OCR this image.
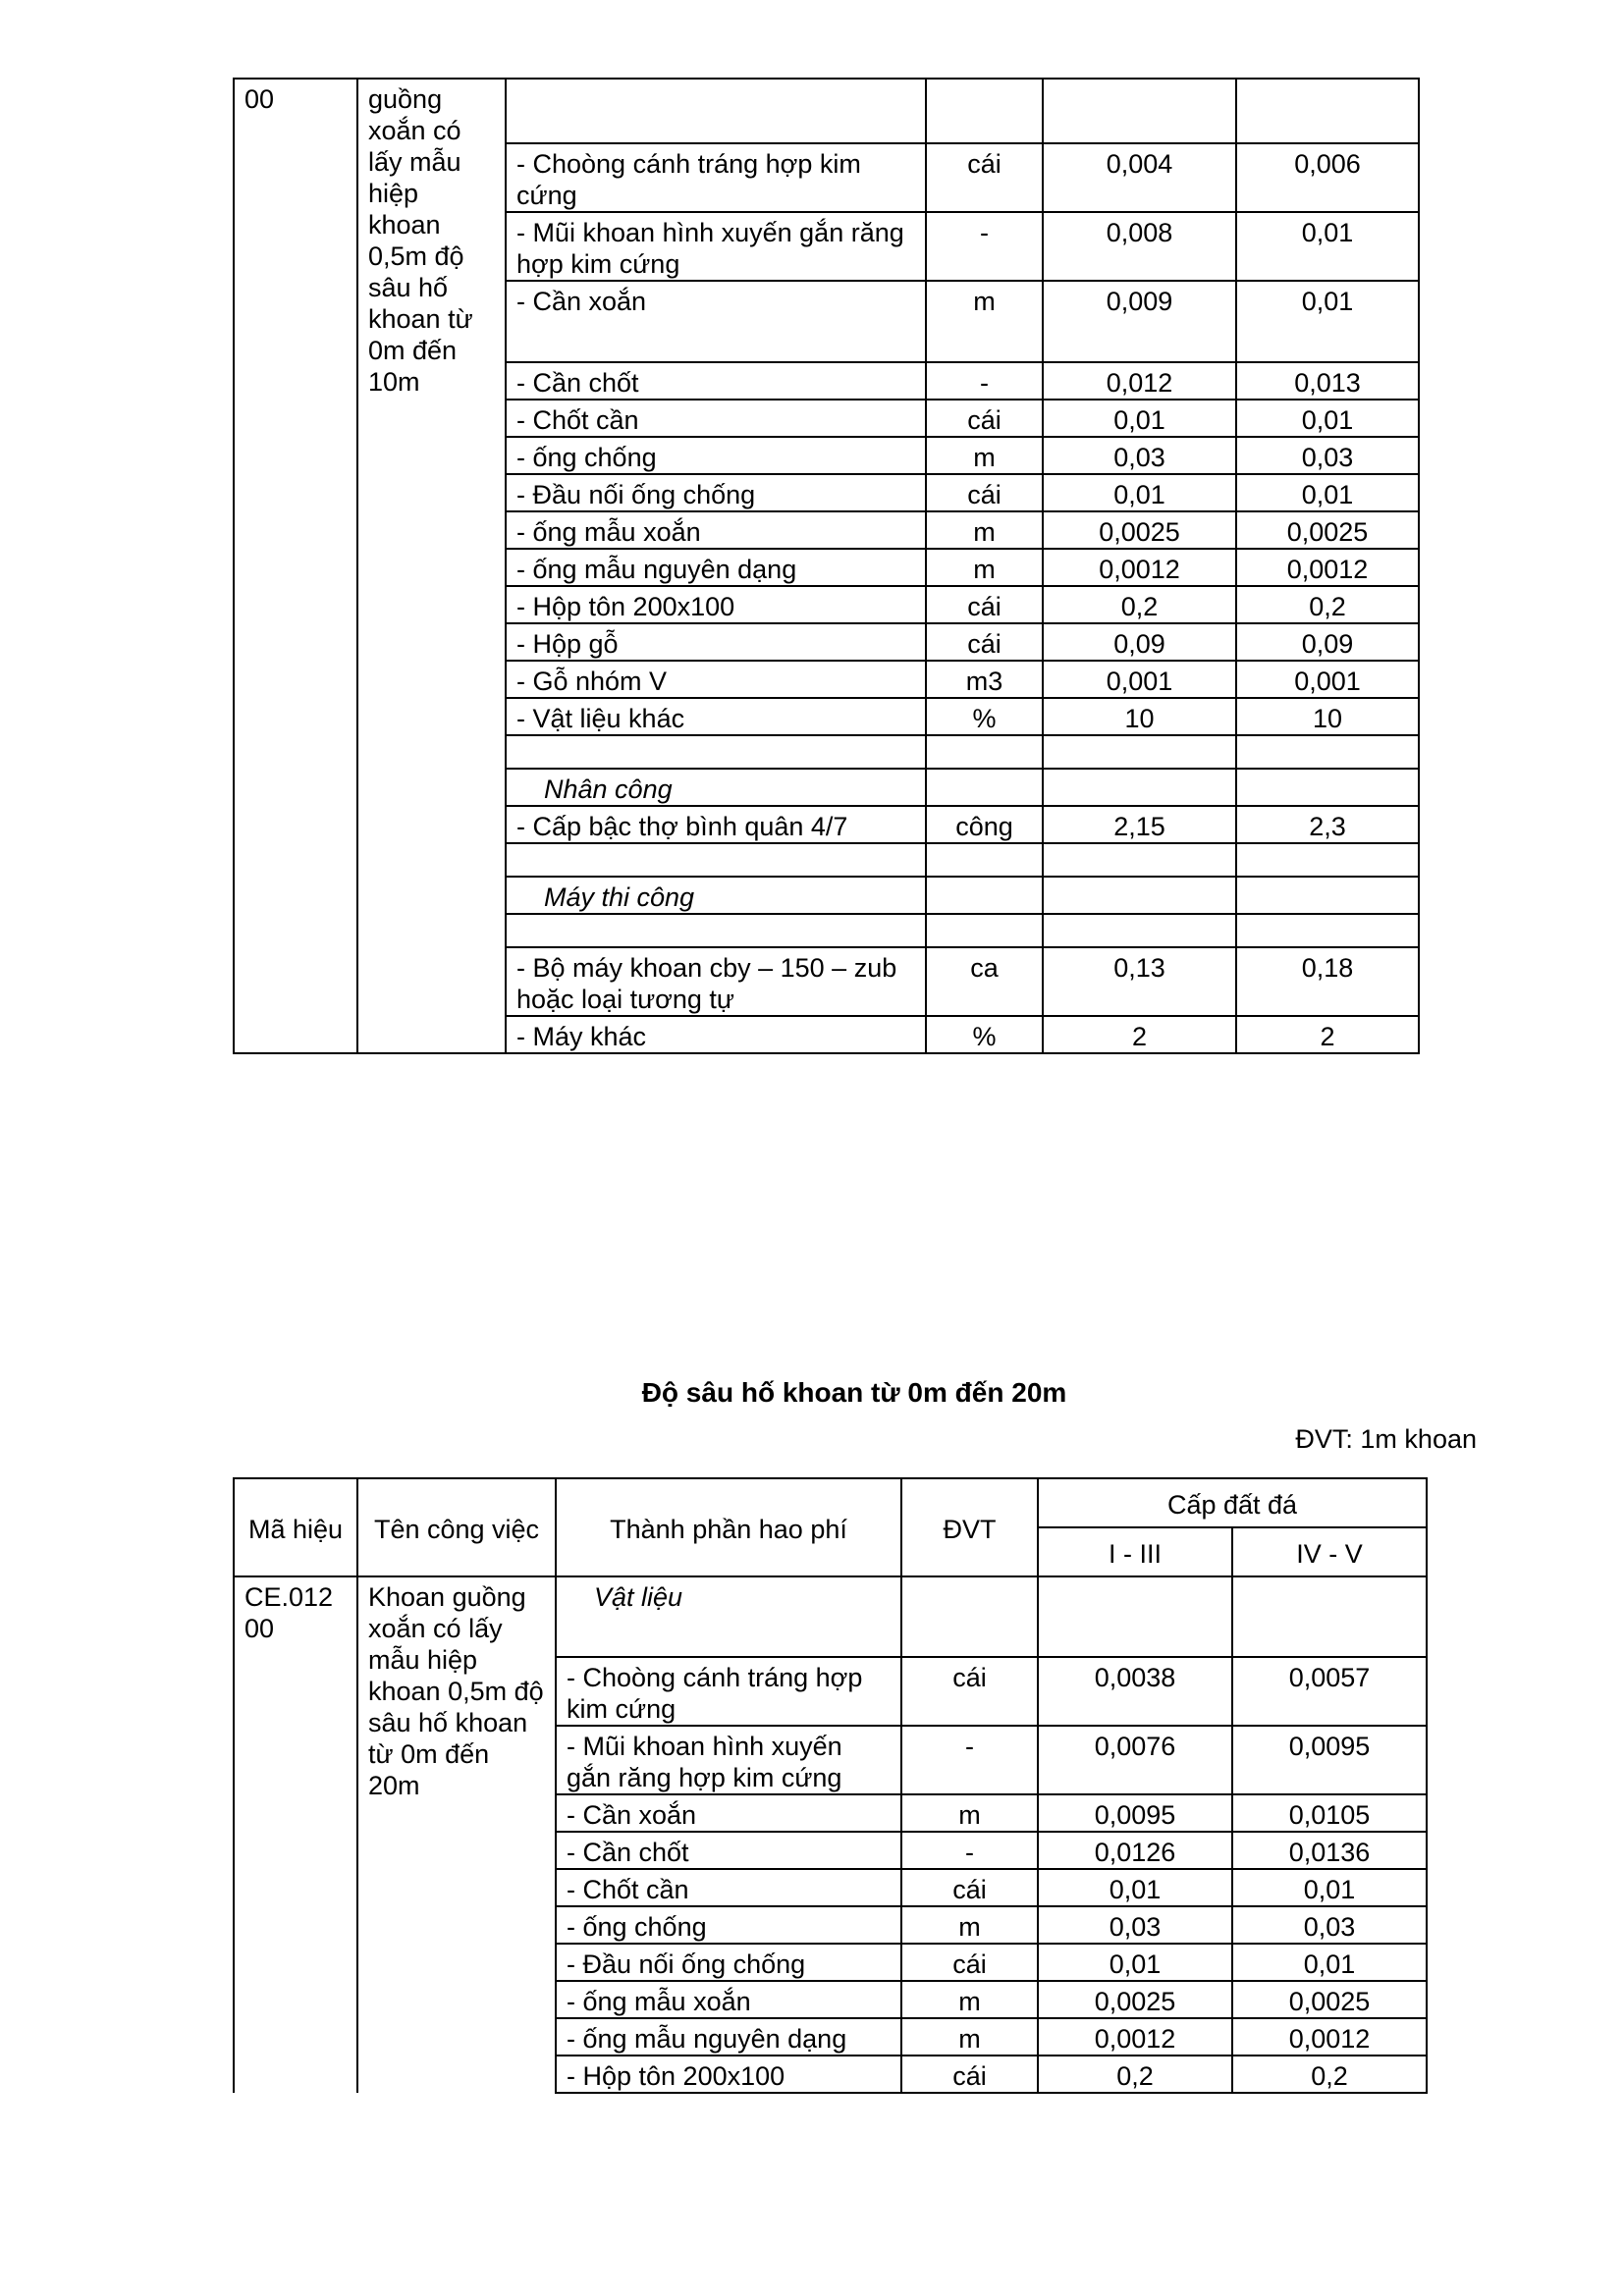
00	guồng xoắn có lấy mẫu hiệp khoan 0,5m độ sâu hố khoan từ 0m đến 10m				
		- Choòng cánh tráng hợp kim cứng	cái	0,004	0,006
		- Mũi khoan hình xuyến gắn răng hợp kim cứng	-	0,008	0,01
		- Cần xoắn	m	0,009	0,01
		- Cần chốt	-	0,012	0,013
		- Chốt cần	cái	0,01	0,01
		- ống chống	m	0,03	0,03
		- Đầu nối ống chống	cái	0,01	0,01
		- ống mẫu xoắn	m	0,0025	0,0025
		- ống mẫu nguyên dạng	m	0,0012	0,0012
		- Hộp tôn 200x100	cái	0,2	0,2
		- Hộp gỗ	cái	0,09	0,09
		- Gỗ nhóm V	m3	0,001	0,001
		- Vật liệu khác	%	10	10

		Nhân công			
		- Cấp bậc thợ bình quân 4/7	công	2,15	2,3

		Máy thi công			

		- Bộ máy khoan cby – 150 – zub hoặc loại tương tự	ca	0,13	0,18
		- Máy khác	%	2	2
Độ sâu hố khoan từ 0m đến 20m
ĐVT: 1m khoan
Mã hiệu	Tên công việc	Thành phần hao phí	ĐVT	Cấp đất đá	
				I - III	IV - V
CE.012 00	Khoan guồng xoắn có lấy mẫu hiệp khoan 0,5m độ sâu hố khoan từ 0m đến 20m	Vật liệu			
		- Choòng cánh tráng hợp kim cứng	cái	0,0038	0,0057
		- Mũi khoan hình xuyến gắn răng hợp kim cứng	-	0,0076	0,0095
		- Cần xoắn	m	0,0095	0,0105
		- Cần chốt	-	0,0126	0,0136
		- Chốt cần	cái	0,01	0,01
		- ống chống	m	0,03	0,03
		- Đầu nối ống chống	cái	0,01	0,01
		- ống mẫu xoắn	m	0,0025	0,0025
		- ống mẫu nguyên dạng	m	0,0012	0,0012
		- Hộp tôn 200x100	cái	0,2	0,2
